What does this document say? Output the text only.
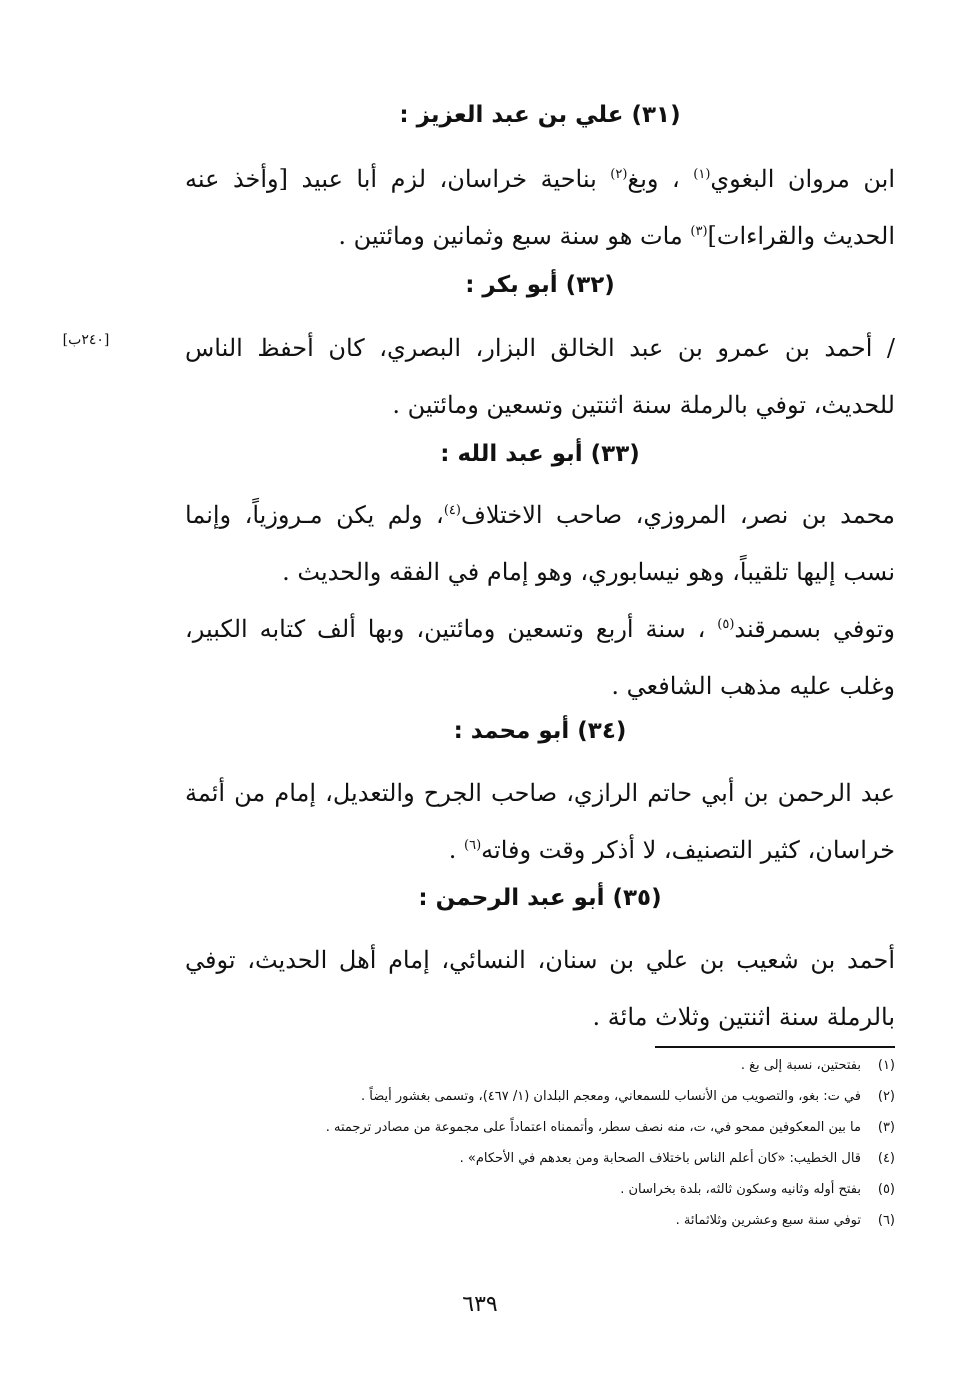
(٣١) علي بن عبد العزيز :

ابن مروان البغوي$^{(١)}$ ، وبغ$^{(٢)}$ بناحية خراسان، لزم أبا عبيد [وأخذ عنه الحديث والقراءات]$^{(٣)}$ مات هو سنة سبع وثمانين ومائتين .

(٣٢) أبو بكر :

/ أحمد بن عمرو بن عبد الخالق البزار، البصري، كان أحفظ الناس للحديث، توفي بالرملة سنة اثنتين وتسعين ومائتين .

[٢٤٠ب]
(٣٣) أبو عبد الله :

محمد بن نصر، المروزي، صاحب الاختلاف$^{(٤)}$، ولم يكن مـروزياً، وإنما نسب إليها تلقيباً، وهو نيسابوري، وهو إمام في الفقه والحديث .

وتوفي بسمرقند$^{(٥)}$ ، سنة أربع وتسعين ومائتين، وبها ألف كتابه الكبير، وغلب عليه مذهب الشافعي .

(٣٤) أبو محمد :

عبد الرحمن بن أبي حاتم الرازي، صاحب الجرح والتعديل، إمام من أئمة خراسان، كثير التصنيف، لا أذكر وقت وفاته$^{(٦)}$ .

(٣٥) أبو عبد الرحمن :

أحمد بن شعيب بن علي بن سنان، النسائي، إمام أهل الحديث، توفي بالرملة سنة اثنتين وثلاث مائة .

(١)
بفتحتين، نسبة إلى بغ .
(٢)
في ت: بغو، والتصويب من الأنساب للسمعاني، ومعجم البلدان (١/ ٤٦٧)، وتسمى بغشور أيضاً .
(٣)
ما بين المعكوفين ممحو في، ت، منه نصف سطر، وأتممناه اعتماداً على مجموعة من مصادر ترجمته .
(٤)
قال الخطيب: «كان أعلم الناس باختلاف الصحابة ومن بعدهم في الأحكام» .
(٥)
بفتح أوله وثانيه وسكون ثالثه، بلدة بخراسان .
(٦)
توفي سنة سبع وعشرين وثلاثمائة .
٦٣٩
